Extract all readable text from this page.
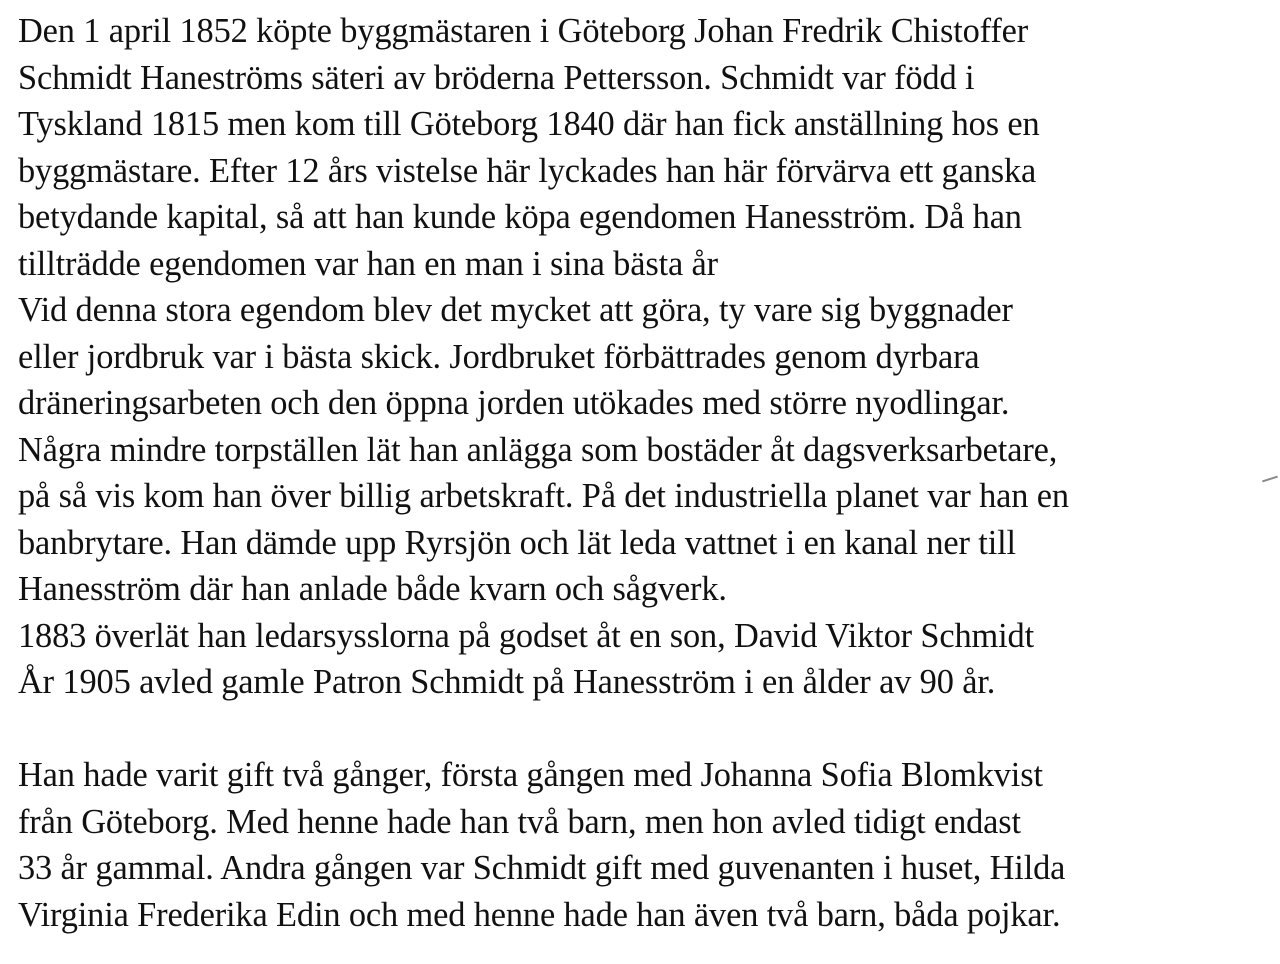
Den 1 april 1852 köpte byggmästaren i Göteborg Johan Fredrik Chistoffer
Schmidt Haneströms säteri av bröderna Pettersson. Schmidt var född i
Tyskland 1815 men kom till Göteborg 1840 där han fick anställning hos en
byggmästare. Efter 12 års vistelse här lyckades han här förvärva ett ganska
betydande kapital, så att han kunde köpa egendomen Hanesström. Då han
tillträdde egendomen var han en man i sina bästa år
Vid denna stora egendom blev det mycket att göra, ty vare sig byggnader
eller jordbruk var i bästa skick. Jordbruket förbättrades genom dyrbara
dräneringsarbeten och den öppna jorden utökades med större nyodlingar.
Några mindre torpställen lät han anlägga som bostäder åt dagsverksarbetare,
på så vis kom han över billig arbetskraft. På det industriella planet var han en
banbrytare. Han dämde upp Ryrsjön och lät leda vattnet i en kanal ner till
Hanesström där han anlade både kvarn och sågverk.
1883 överlät han ledarsysslorna på godset åt en son, David Viktor Schmidt
År 1905 avled gamle Patron Schmidt på Hanesström i en ålder av 90 år.
Han hade varit gift två gånger, första gången med Johanna Sofia Blomkvist
från Göteborg. Med henne hade han två barn, men hon avled tidigt endast
33 år gammal. Andra gången var Schmidt gift med guvenanten i huset, Hilda
Virginia Frederika Edin och med henne hade han även två barn, båda pojkar.
